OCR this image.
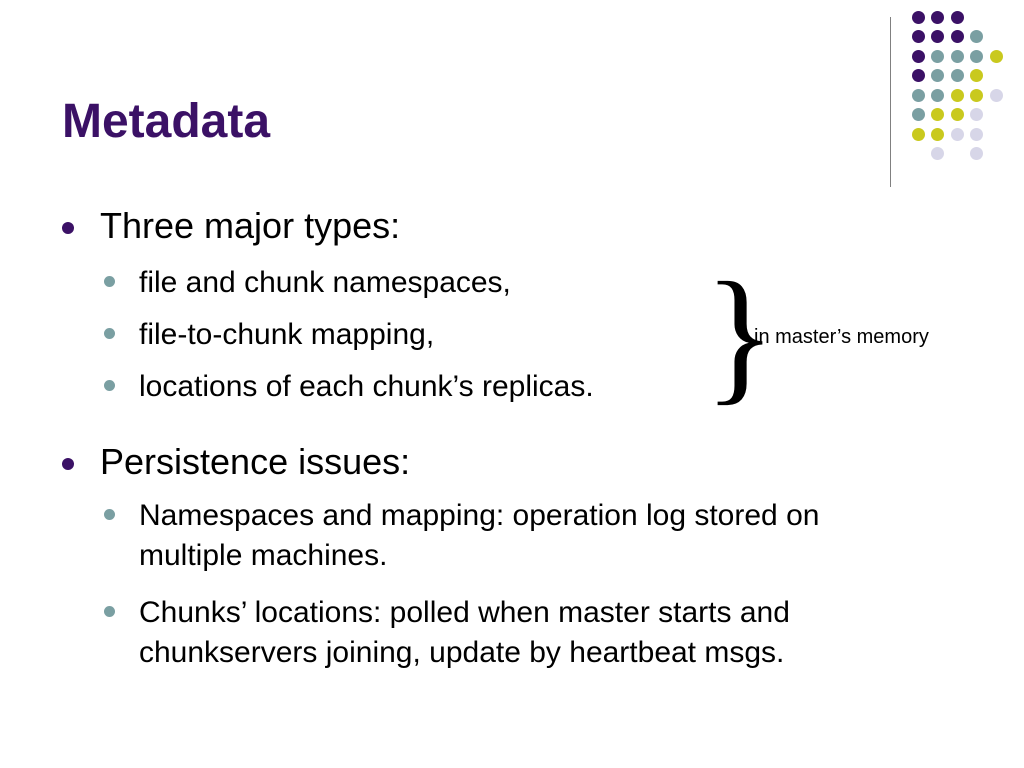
Metadata
Three major types:
file and chunk namespaces,
file-to-chunk mapping,
locations of each chunk’s replicas. }
in master’s memory
Persistence issues:
Namespaces and mapping: operation log stored on multiple machines.
Chunks’ locations: polled when master starts and chunkservers joining, update by heartbeat msgs.
